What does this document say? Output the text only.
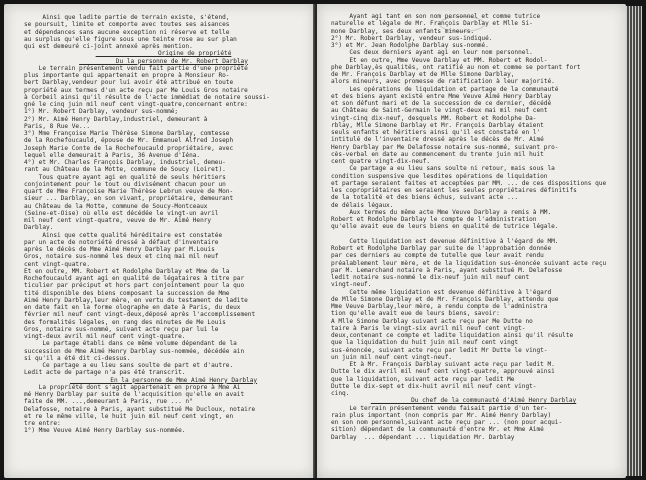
Ainsi que ladite partie de terrain existe, s'étend,
se poursuit, limite et comporte avec toutes ses aisances
et dépendances sans aucune exception ni réserve et telle
au surplus qu'elle figure sous une teinte rose au sur plan
qui est demeuré ci-joint annexé après mention.
Origine de propriété
Du la personne de Mr. Robert Darblay
Le terrain présentement vendu fait partie d'une propriété
plus importante qui appartenait en propre à Monsieur Ro-
bert Darblay,vendeur pour lui avoir été attribué en toute
propriété aux termes d'un acte reçu par Me Louis Gros notaire
à Corbeil ainsi qu'il résulte de l'acte immédiat de notaire soussi-
gné le cinq juin mil neuf cent vingt-quatre,concernant entre:
1°) Mr. Robert Darblay, vendeur sus-nommé;
2°) Mr. Aimé Henry Darblay,industriel, demeurant à
Paris, 8 Rue Ve...
3°) Mme Françoise Marie Thérèse Simone Darblay, comtesse
de la Rochefoucauld, épouse de Mr. Emmanuel Alfred Joseph
Joseph Marie Conte de la Rochefoucauld propriétaire, avec
lequel elle demeurait à Paris, 36 Avenue d'Iéna.
4°) et Mr. Charles François Darblay, industriel, demeu-
rant au Château de la Motte, commune de Soucy (Loiret).
Tous quatre ayant agi en qualité de seuls héritiers
conjointement pour le tout ou divisément chacun pour un
quart de Mme Françoise Marie Thérèse Lebrun veuve de Mon-
sieur ... Darblay, en son vivant, propriétaire, demeurant
au Château de la Motte, commune de Soucy-Montceaux
(Seine-et-Oise) où elle est décédée le vingt-un avril
mil neuf cent vingt-quatre, veuve de Mr. Aimé Henry
Darblay.
Ainsi que cette qualité héréditaire est constatée
par un acte de notoriété dressé à défaut d'inventaire
après le décès de Mme Aimé Henry Darblay par M.Louis
Gros, notaire sus-nommé les deux et cinq mai mil neuf
cent vingt-quatre.
Et en outre, MM. Robert et Rodolphe Darblay et Mme de la
Rochefoucauld ayant agi en qualité de légataires à titre par
ticulier par préciput et hors part conjointement pour la quo
tité disponible des biens composant la succession de Mme
Aimé Henry Darblay,leur mère, en vertu du testament de ladite
en date fait en la forme olographe en date à Paris, du deux
février mil neuf cent vingt-deux,déposé après l'accomplissement
des formalités légales, en rang des minutes de Me Louis
Gros, notaire sus-nommé, suivant acte reçu par lui le
vingt-deux avril mil neuf cent vingt-quatre.
Le partage établi dans ce même volume dépendant de la
succession de Mme Aimé Henry Darblay sus-nommée, décédée ain
si qu'il a été dit ci-dessus.
Ce partage a eu lieu sans soulte de part et d'autre.
Ledit acte de partage n'a pas été transcrit.
En la personne de Mme Aimé Henry Darblay
La propriété dont s'agit appartenait en propre à Mme Ai
mé Henry Darblay par suite de l'acquisition qu'elle en avait
faite de MM. ...,demeurant à Paris, rue ... n°
Delafosse, notaire à Paris, ayant substitué Me Ducloux, notaire
et re le même ville, le huit juin mil neuf cent vingt, en
tre entre:
1°) Mme Veuve Aimé Henry Darblay sus-nommée.
Ayant agi tant en son nom personnel et comme tutrice
naturelle et légale de Mr. François Darblay et Mlle Si-
mone Darblay, ses deux enfants mineurs.
2°) Mr. Robert Darblay, vendeur sus-indiqué.
3°) et Mr. Jean Rodolphe Darblay sus-nommé.
Ces deux derniers ayant agi en leur nom personnel.
Et en outre, Mme Veuve Darblay et MM. Robert et Rodol-
phe Darblay,ès qualités, ont ratifié au nom et comme se portant fort
de Mr. François Darblay et de Mlle Simone Darblay,
alors mineurs, avec promesse de ratification à leur majorité.
Les opérations de liquidation et partage de la communauté
et des biens ayant existé entre Mme Veuve Aimé Henry Darblay
et son défunt mari et de la succession de ce dernier, décédé
au Château de Saint-Germain le vingt-deux mai mil neuf cent
vingt-cinq dix-neuf, desquels MM. Robert et Rodolphe Da-
rblay, Mlle Simone Darblay et Mr. François Darblay étaient
seuls enfants et héritiers ainsi qu'il est constaté en l'
intitulé de l'inventaire dressé après le décès de Mr. Aimé
Henry Darblay par Me Delafosse notaire sus-nommé, suivant pro-
cès-verbal en date au commencement du trente juin mil huit
cent quatre vingt-dix-neuf.
Ce partage a eu lieu sans soulte ni retour, mais sous la
condition suspensive que lesdites opérations de liquidation
et partage seraient faites et acceptées par MM. ... de ces dispositions que
les copropriétaires en seraient les seules propriétaires définitifs
de la totalité et des biens échus, suivant acte ...
de délais légaux.
Aux termes du même acte Mme Veuve Darblay a remis à MM.
Robert et Rodolphe Darblay le compte de l'administration
qu'elle avait eue de leurs biens en qualité de tutrice légale.
Cette liquidation est devenue définitive à l'égard de MM.
Robert et Rodolphe Darblay par suite de l'approbation donnée
par ces derniers au compte de tutelle que leur avait rendu
préalablement leur mère, et de la liquidation sus-énoncée suivant acte reçu
par M. Lemarchand notaire à Paris, ayant substitué M. Delafosse
ledit notaire sus-nommé le dix-neuf juin mil neuf cent
vingt-neuf.
Cette même liquidation est devenue définitive à l'égard
de Mlle Simone Darblay et de Mr. François Darblay, attendu que
Mme Veuve Darblay,leur mère, a rendu compte de l'administra
tion qu'elle avait eue de leurs biens, savoir:
A Mlle Simone Darblay suivant acte reçu par Me Dutte no
taire à Paris le vingt-six avril mil neuf cent vingt-
deux,contenant ce compte et ladite liquidation ainsi qu'il résulte
que la liquidation du huit juin mil neuf cent vingt
sus-énoncée, suivant acte reçu par ledit Mr Dutte le vingt-
un juin mil neuf cent vingt-neuf.
Et à Mr. François Darblay suivant acte reçu par ledit M.
Dutte le dix avril mil neuf cent vingt-quatre, approuvé ainsi
que la liquidation, suivant acte reçu par ledit Me
Dutte le dix-sept et dix-huit avril mil neuf cent vingt-
cinq.
Du chef de la communauté d'Aimé Henry Darblay
Le terrain présentement vendu faisait partie d'un ter-
rain plus important (non compris par Mr. Aimé Henry Darblay)
en son nom personnel,suivant acte reçu par ... (non pour acqui-
sition) dépendant de la communauté d'entre Mr. et Mme Aimé
Darblay  ... dépendant ... liquidation Mr. Darblay
